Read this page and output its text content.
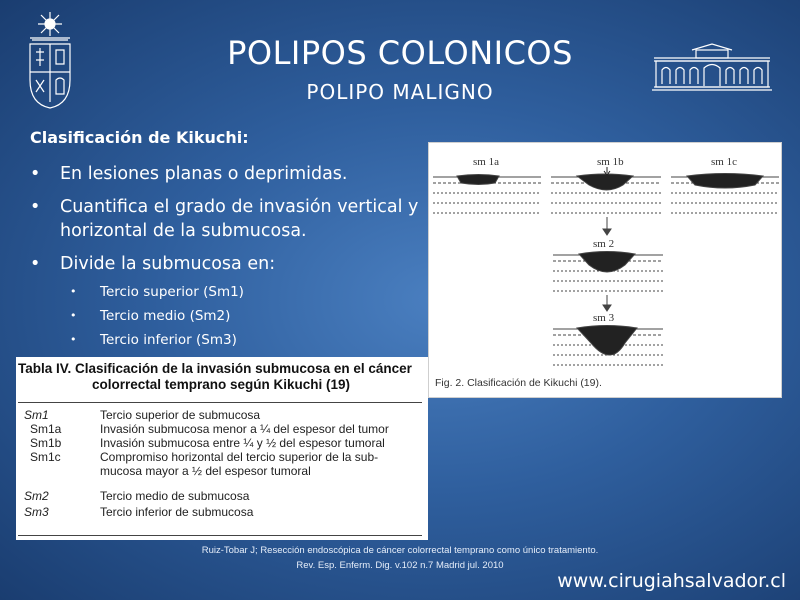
POLIPOS COLONICOS
POLIPO MALIGNO
Clasificación de Kikuchi:
•	En lesiones planas o deprimidas.
•	Cuantifica el grado de invasión vertical y horizontal de la submucosa.
•	Divide la submucosa en:
•	Tercio superior (Sm1)
•	Tercio medio (Sm2)
•	Tercio inferior (Sm3)
sm 1a	sm 1b	sm 1c
sm 2
sm 3
Fig. 2. Clasificación de Kikuchi (19).
Tabla IV. Clasificación de la invasión submucosa en el cáncer
colorrectal temprano según Kikuchi (19)
Sm1	Tercio superior de submucosa
Sm1a	Invasión submucosa menor a ¼ del espesor del tumor
Sm1b	Invasión submucosa entre ¼ y ½ del espesor tumoral
Sm1c	Compromiso horizontal del tercio superior de la sub-
mucosa mayor a ½ del espesor tumoral
Sm2	Tercio medio de submucosa
Sm3	Tercio inferior de submucosa
Ruiz-Tobar J; Resección endoscópica de cáncer colorrectal temprano como único tratamiento.
Rev. Esp. Enferm. Dig. v.102 n.7 Madrid jul. 2010
www.cirugiahsalvador.cl
